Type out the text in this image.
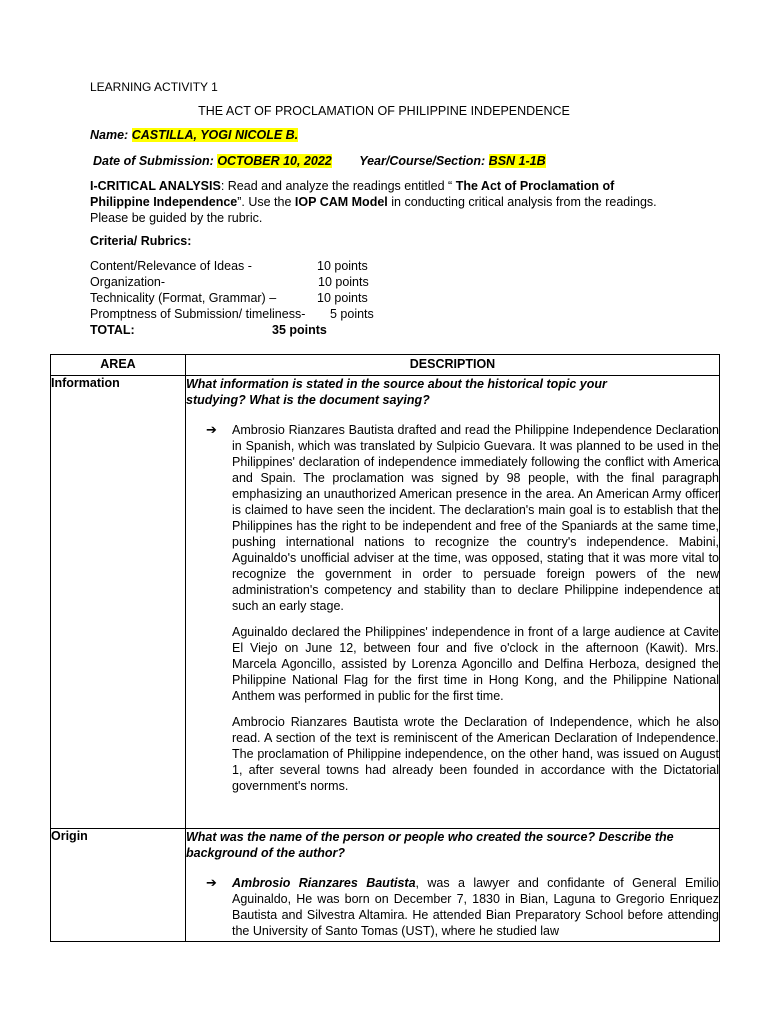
LEARNING ACTIVITY 1
THE ACT OF PROCLAMATION OF PHILIPPINE INDEPENDENCE
Name: CASTILLA, YOGI NICOLE B.
Date of Submission: OCTOBER 10, 2022 Year/Course/Section: BSN 1-1B
I-CRITICAL ANALYSIS: Read and analyze the readings entitled “ The Act of Proclamation of Philippine Independence”. Use the IOP CAM Model in conducting critical analysis from the readings. Please be guided by the rubric.
Criteria/ Rubrics:
Content/Relevance of Ideas -	10 points
Organization-	10 points
Technicality (Format, Grammar) –	10 points
Promptness of Submission/ timeliness- 5 points
TOTAL:	35 points
AREA	DESCRIPTION
Information	What information is stated in the source about the historical topic your studying? What is the document saying?
➔ Ambrosio Rianzares Bautista drafted and read the Philippine Independence Declaration in Spanish, which was translated by Sulpicio Guevara. It was planned to be used in the Philippines' declaration of independence immediately following the conflict with America and Spain. The proclamation was signed by 98 people, with the final paragraph emphasizing an unauthorized American presence in the area. An American Army officer is claimed to have seen the incident. The declaration's main goal is to establish that the Philippines has the right to be independent and free of the Spaniards at the same time, pushing international nations to recognize the country's independence. Mabini, Aguinaldo's unofficial adviser at the time, was opposed, stating that it was more vital to recognize the government in order to persuade foreign powers of the new administration's competency and stability than to declare Philippine independence at such an early stage.
Aguinaldo declared the Philippines' independence in front of a large audience at Cavite El Viejo on June 12, between four and five o'clock in the afternoon (Kawit). Mrs. Marcela Agoncillo, assisted by Lorenza Agoncillo and Delfina Herboza, designed the Philippine National Flag for the first time in Hong Kong, and the Philippine National Anthem was performed in public for the first time.
Ambrocio Rianzares Bautista wrote the Declaration of Independence, which he also read. A section of the text is reminiscent of the American Declaration of Independence. The proclamation of Philippine independence, on the other hand, was issued on August 1, after several towns had already been founded in accordance with the Dictatorial government's norms.

Origin	What was the name of the person or people who created the source? Describe the background of the author?
➔ Ambrosio Rianzares Bautista, was a lawyer and confidante of General Emilio Aguinaldo, He was born on December 7, 1830 in Bian, Laguna to Gregorio Enriquez Bautista and Silvestra Altamira. He attended Bian Preparatory School before attending the University of Santo Tomas (UST), where he studied law
